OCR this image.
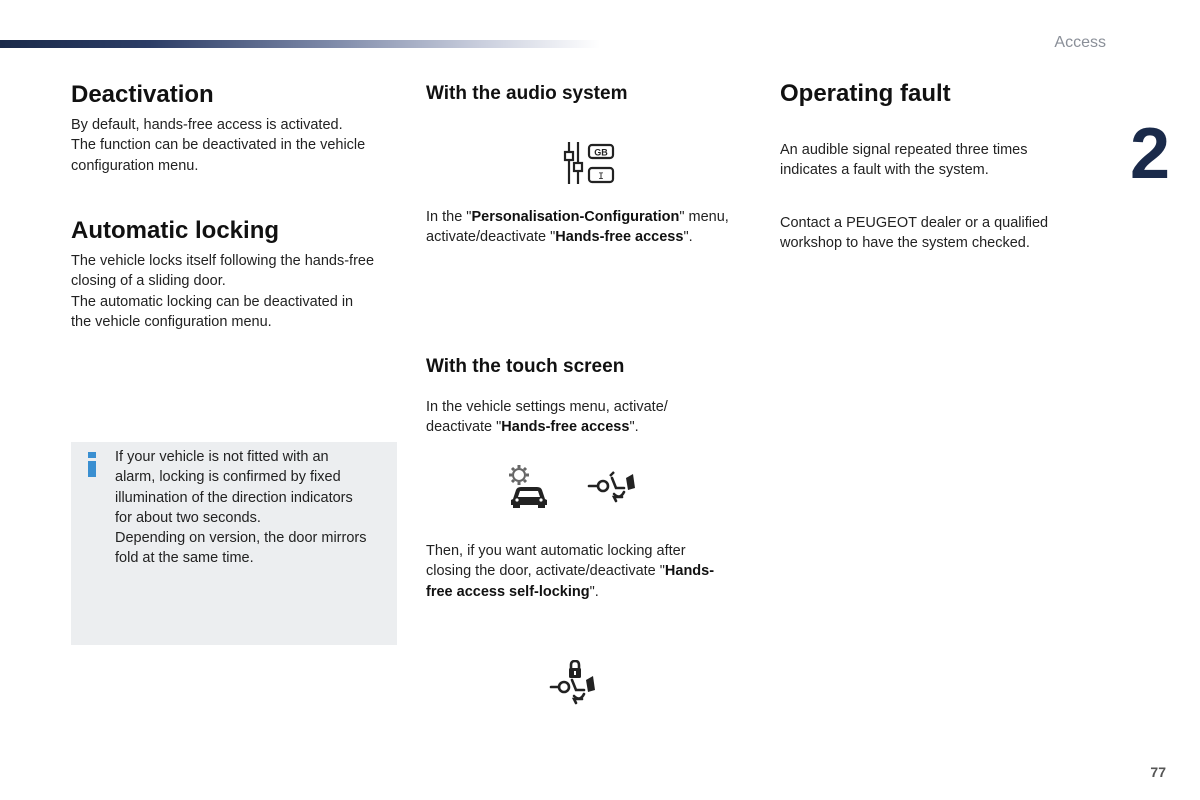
Access
2
77
Deactivation

By default, hands-free access is activated.
The function can be deactivated in the vehicle
configuration menu.

Automatic locking

The vehicle locks itself following the hands-free
closing of a sliding door.
The automatic locking can be deactivated in
the vehicle configuration menu.

If your vehicle is not fitted with an
alarm, locking is confirmed by fixed
illumination of the direction indicators
for about two seconds.
Depending on version, the door mirrors
fold at the same time.

With the audio system
GB
I

In the "Personalisation-Configuration" menu,
activate/deactivate "Hands-free access".

With the touch screen

In the vehicle settings menu, activate/
deactivate "Hands-free access".

Then, if you want automatic locking after
closing the door, activate/deactivate "Hands-
free access self-locking".

Operating fault

An audible signal repeated three times
indicates a fault with the system.

Contact a PEUGEOT dealer or a qualified
workshop to have the system checked.
